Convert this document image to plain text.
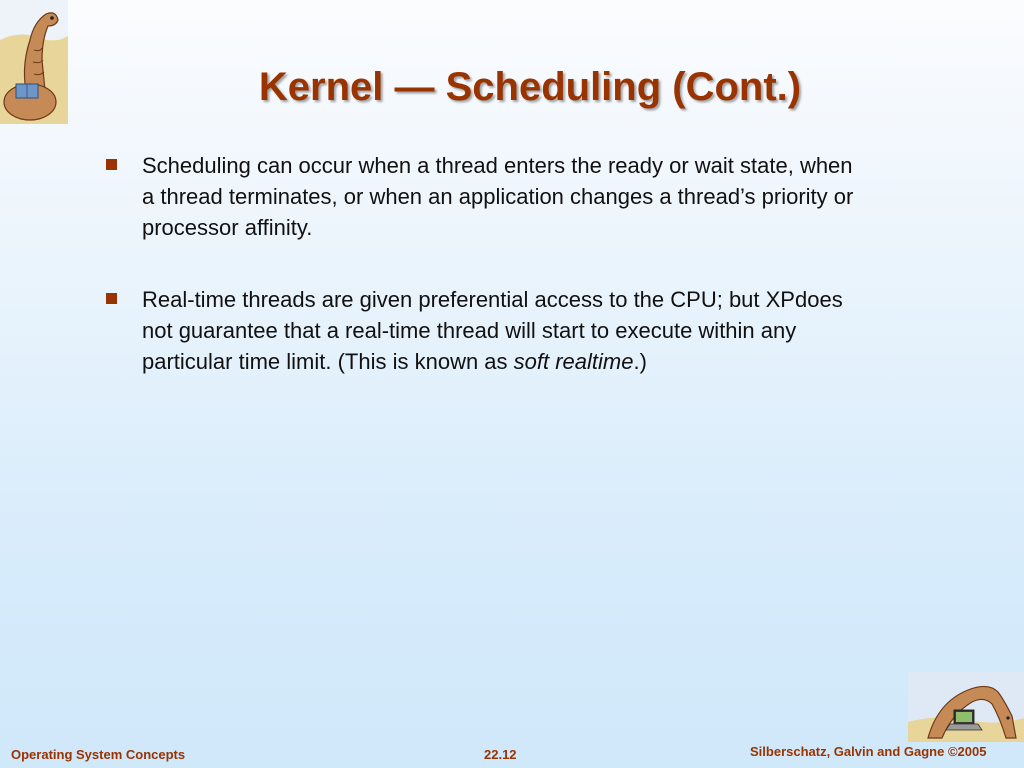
Kernel — Scheduling (Cont.)
Scheduling can occur when a thread enters the ready or wait state, when a thread terminates, or when an application changes a thread’s priority or processor affinity.
Real-time threads are given preferential access to the CPU; but XPdoes not guarantee that a real-time thread will start to execute within any particular time limit. (This is known as soft realtime.)
Operating System Concepts	22.12	Silberschatz, Galvin and Gagne ©2005
